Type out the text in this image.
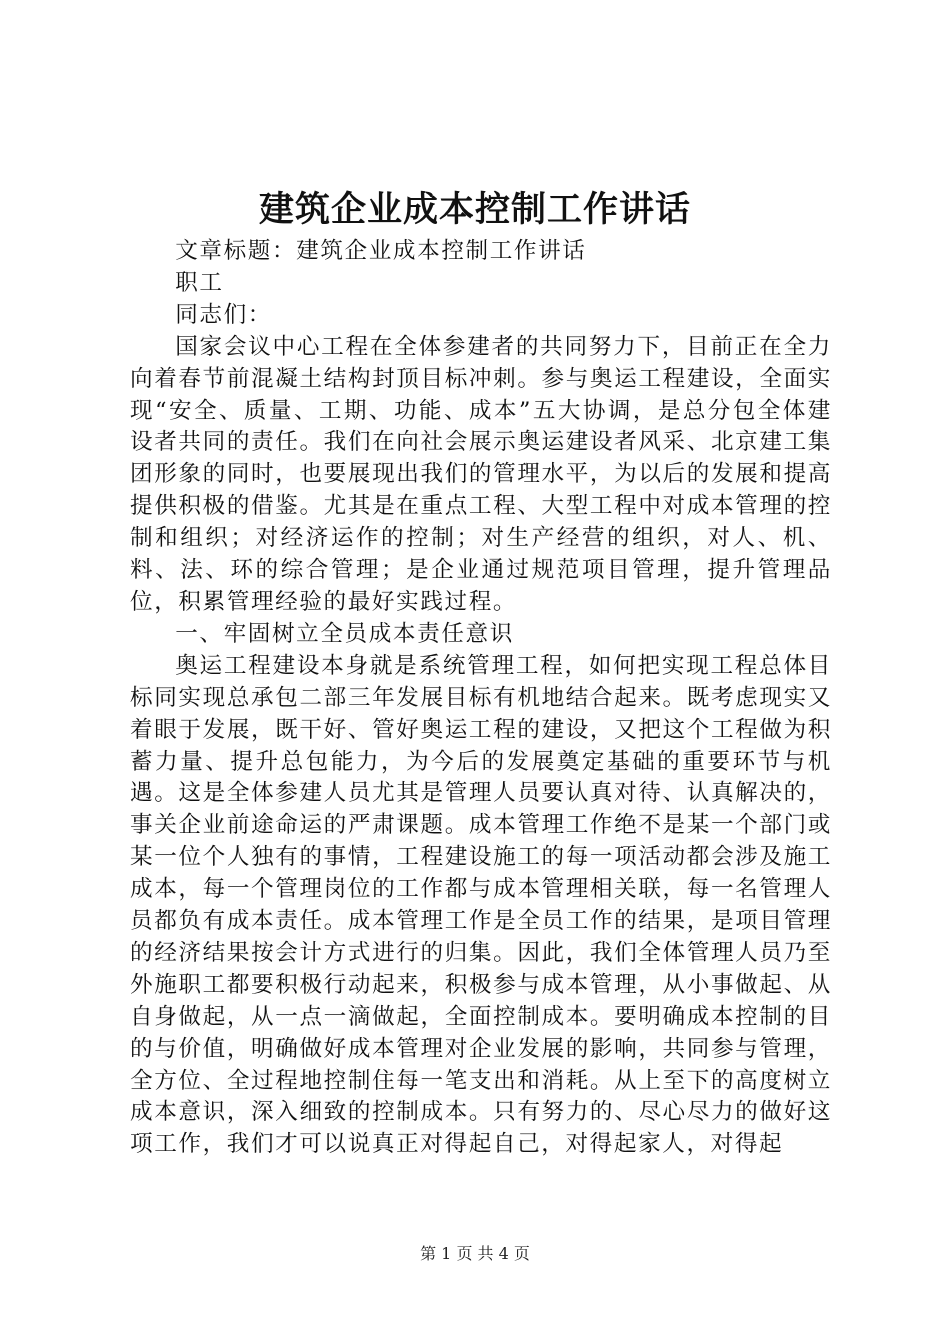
建筑企业成本控制工作讲话

文章标题：建筑企业成本控制工作讲话

职工

同志们：

国家会议中心工程在全体参建者的共同努力下，目前正在全力向着春节前混凝土结构封顶目标冲刺。参与奥运工程建设，全面实现“安全、质量、工期、功能、成本”五大协调，是总分包全体建设者共同的责任。我们在向社会展示奥运建设者风采、北京建工集团形象的同时，也要展现出我们的管理水平，为以后的发展和提高提供积极的借鉴。尤其是在重点工程、大型工程中对成本管理的控制和组织；对经济运作的控制；对生产经营的组织，对人、机、料、法、环的综合管理；是企业通过规范项目管理，提升管理品位，积累管理经验的最好实践过程。

一、牢固树立全员成本责任意识

奥运工程建设本身就是系统管理工程，如何把实现工程总体目标同实现总承包二部三年发展目标有机地结合起来。既考虑现实又着眼于发展，既干好、管好奥运工程的建设，又把这个工程做为积蓄力量、提升总包能力，为今后的发展奠定基础的重要环节与机遇。这是全体参建人员尤其是管理人员要认真对待、认真解决的，事关企业前途命运的严肃课题。成本管理工作绝不是某一个部门或某一位个人独有的事情，工程建设施工的每一项活动都会涉及施工成本，每一个管理岗位的工作都与成本管理相关联，每一名管理人员都负有成本责任。成本管理工作是全员工作的结果，是项目管理的经济结果按会计方式进行的归集。因此，我们全体管理人员乃至外施职工都要积极行动起来，积极参与成本管理，从小事做起、从自身做起，从一点一滴做起，全面控制成本。要明确成本控制的目的与价值，明确做好成本管理对企业发展的影响，共同参与管理，全方位、全过程地控制住每一笔支出和消耗。从上至下的高度树立成本意识，深入细致的控制成本。只有努力的、尽心尽力的做好这项工作，我们才可以说真正对得起自己，对得起家人，对得起

第 1 页 共 4 页
